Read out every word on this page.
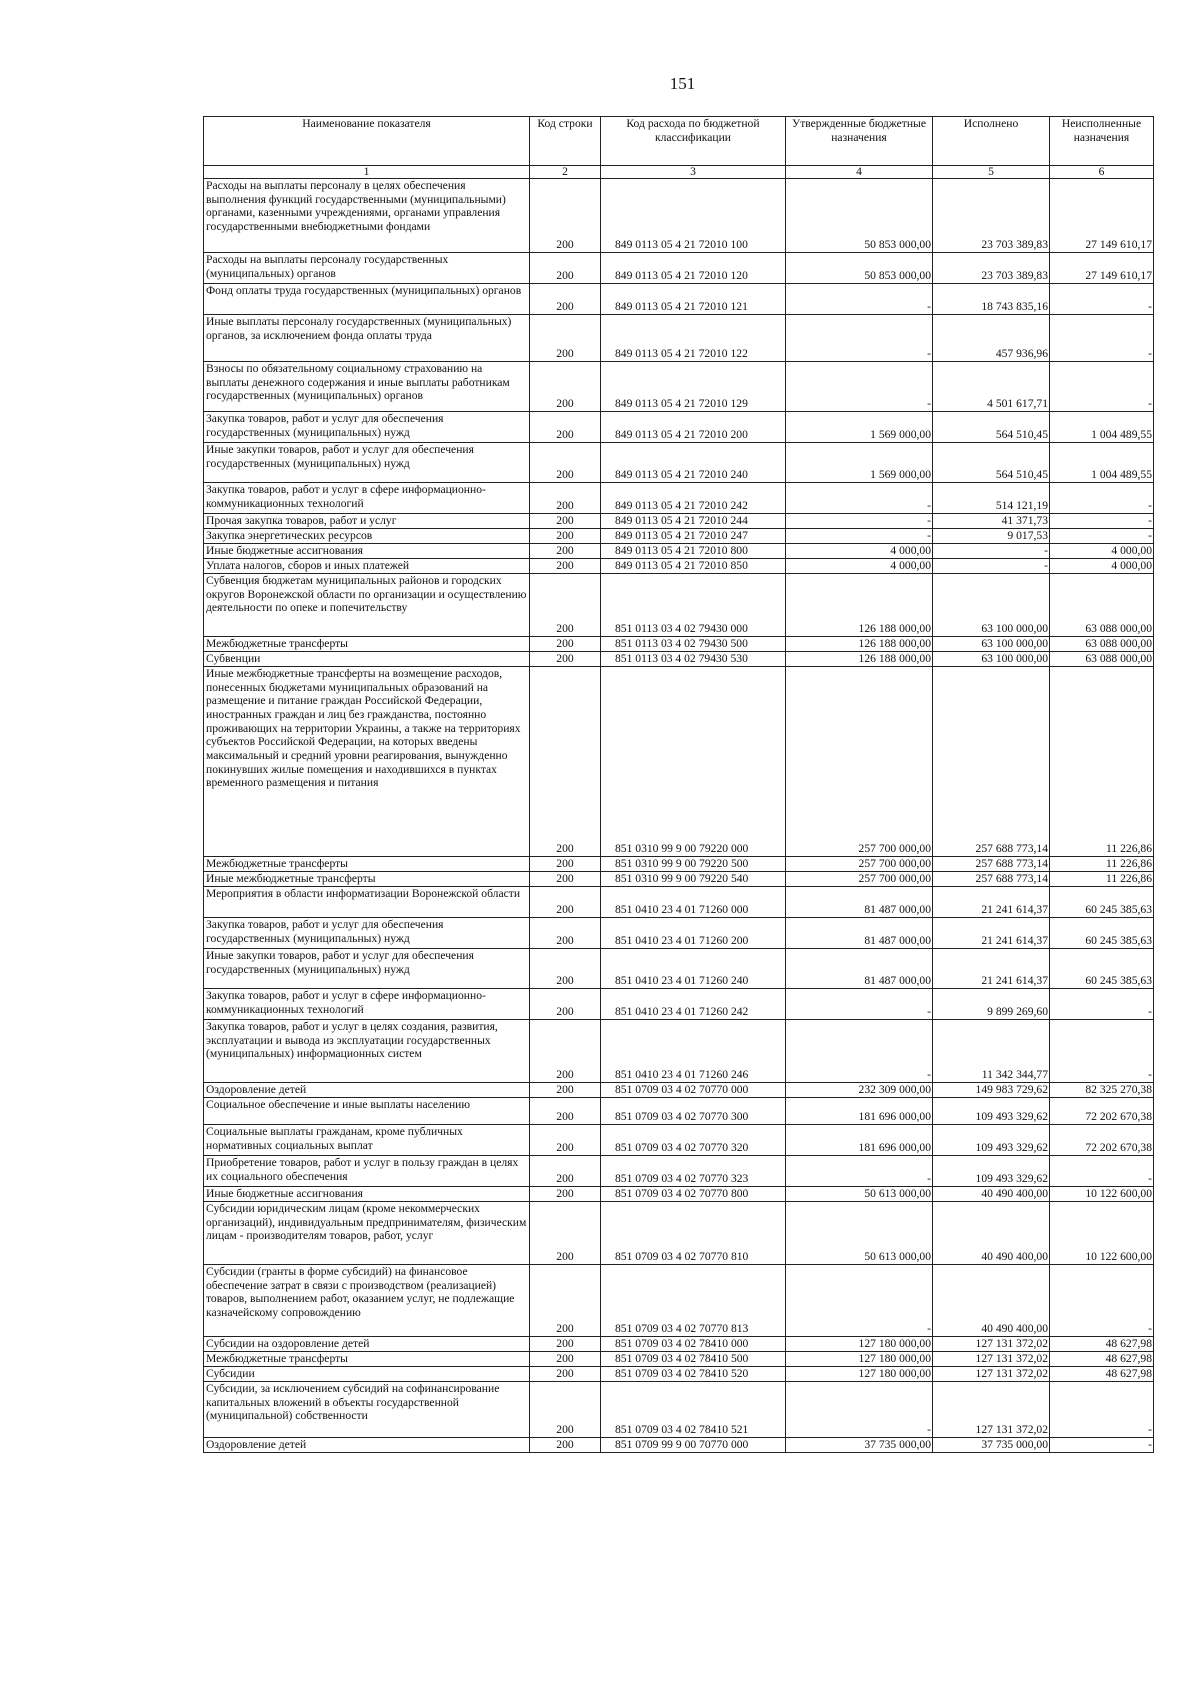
151
Наименование показателя	Код строки	Код расхода по бюджетной классификации	Утвержденные бюджетные назначения	Исполнено	Неисполненные назначения
1	2	3	4	5	6
Расходы на выплаты персоналу в целях обеспечения выполнения функций государственными (муниципальными) органами, казенными учреждениями, органами управления государственными внебюджетными фондами	200	849 0113 05 4 21 72010 100	50 853 000,00	23 703 389,83	27 149 610,17
Расходы на выплаты персоналу государственных (муниципальных) органов	200	849 0113 05 4 21 72010 120	50 853 000,00	23 703 389,83	27 149 610,17
Фонд оплаты труда государственных (муниципальных) органов	200	849 0113 05 4 21 72010 121	-	18 743 835,16	-
Иные выплаты персоналу государственных (муниципальных) органов, за исключением фонда оплаты труда	200	849 0113 05 4 21 72010 122	-	457 936,96	-
Взносы по обязательному социальному страхованию на выплаты денежного содержания и иные выплаты работникам государственных (муниципальных) органов	200	849 0113 05 4 21 72010 129	-	4 501 617,71	-
Закупка товаров, работ и услуг для обеспечения государственных (муниципальных) нужд	200	849 0113 05 4 21 72010 200	1 569 000,00	564 510,45	1 004 489,55
Иные закупки товаров, работ и услуг для обеспечения государственных (муниципальных) нужд	200	849 0113 05 4 21 72010 240	1 569 000,00	564 510,45	1 004 489,55
Закупка товаров, работ и услуг в сфере информационно-коммуникационных технологий	200	849 0113 05 4 21 72010 242	-	514 121,19	-
Прочая закупка товаров, работ и услуг	200	849 0113 05 4 21 72010 244	-	41 371,73	-
Закупка энергетических ресурсов	200	849 0113 05 4 21 72010 247	-	9 017,53	-
Иные бюджетные ассигнования	200	849 0113 05 4 21 72010 800	4 000,00	-	4 000,00
Уплата налогов, сборов и иных платежей	200	849 0113 05 4 21 72010 850	4 000,00	-	4 000,00
Субвенция бюджетам муниципальных районов и городских округов Воронежской области по организации и осуществлению деятельности по опеке и попечительству	200	851 0113 03 4 02 79430 000	126 188 000,00	63 100 000,00	63 088 000,00
Межбюджетные трансферты	200	851 0113 03 4 02 79430 500	126 188 000,00	63 100 000,00	63 088 000,00
Субвенции	200	851 0113 03 4 02 79430 530	126 188 000,00	63 100 000,00	63 088 000,00
Иные межбюджетные трансферты на возмещение расходов, понесенных бюджетами муниципальных образований на размещение и питание граждан Российской Федерации, иностранных граждан и лиц без гражданства, постоянно проживающих на территории Украины, а также на территориях субъектов Российской Федерации, на которых введены максимальный и средний уровни реагирования, вынужденно покинувших жилые помещения и находившихся в пунктах временного размещения и питания	200	851 0310 99 9 00 79220 000	257 700 000,00	257 688 773,14	11 226,86
Межбюджетные трансферты	200	851 0310 99 9 00 79220 500	257 700 000,00	257 688 773,14	11 226,86
Иные межбюджетные трансферты	200	851 0310 99 9 00 79220 540	257 700 000,00	257 688 773,14	11 226,86
Мероприятия в области информатизации Воронежской области	200	851 0410 23 4 01 71260 000	81 487 000,00	21 241 614,37	60 245 385,63
Закупка товаров, работ и услуг для обеспечения государственных (муниципальных) нужд	200	851 0410 23 4 01 71260 200	81 487 000,00	21 241 614,37	60 245 385,63
Иные закупки товаров, работ и услуг для обеспечения государственных (муниципальных) нужд	200	851 0410 23 4 01 71260 240	81 487 000,00	21 241 614,37	60 245 385,63
Закупка товаров, работ и услуг в сфере информационно-коммуникационных технологий	200	851 0410 23 4 01 71260 242	-	9 899 269,60	-
Закупка товаров, работ и услуг в целях создания, развития, эксплуатации и вывода из эксплуатации государственных (муниципальных) информационных систем	200	851 0410 23 4 01 71260 246	-	11 342 344,77	-
Оздоровление детей	200	851 0709 03 4 02 70770 000	232 309 000,00	149 983 729,62	82 325 270,38
Социальное обеспечение и иные выплаты населению	200	851 0709 03 4 02 70770 300	181 696 000,00	109 493 329,62	72 202 670,38
Социальные выплаты гражданам, кроме публичных нормативных социальных выплат	200	851 0709 03 4 02 70770 320	181 696 000,00	109 493 329,62	72 202 670,38
Приобретение товаров, работ и услуг в пользу граждан в целях их социального обеспечения	200	851 0709 03 4 02 70770 323	-	109 493 329,62	-
Иные бюджетные ассигнования	200	851 0709 03 4 02 70770 800	50 613 000,00	40 490 400,00	10 122 600,00
Субсидии юридическим лицам (кроме некоммерческих организаций), индивидуальным предпринимателям, физическим лицам - производителям товаров, работ, услуг	200	851 0709 03 4 02 70770 810	50 613 000,00	40 490 400,00	10 122 600,00
Субсидии (гранты в форме субсидий) на финансовое обеспечение затрат в связи с производством (реализацией) товаров, выполнением работ, оказанием услуг, не подлежащие казначейскому сопровождению	200	851 0709 03 4 02 70770 813	-	40 490 400,00	-
Субсидии на оздоровление детей	200	851 0709 03 4 02 78410 000	127 180 000,00	127 131 372,02	48 627,98
Межбюджетные трансферты	200	851 0709 03 4 02 78410 500	127 180 000,00	127 131 372,02	48 627,98
Субсидии	200	851 0709 03 4 02 78410 520	127 180 000,00	127 131 372,02	48 627,98
Субсидии, за исключением субсидий на софинансирование капитальных вложений в объекты государственной (муниципальной) собственности	200	851 0709 03 4 02 78410 521	-	127 131 372,02	-
Оздоровление детей	200	851 0709 99 9 00 70770 000	37 735 000,00	37 735 000,00	-
